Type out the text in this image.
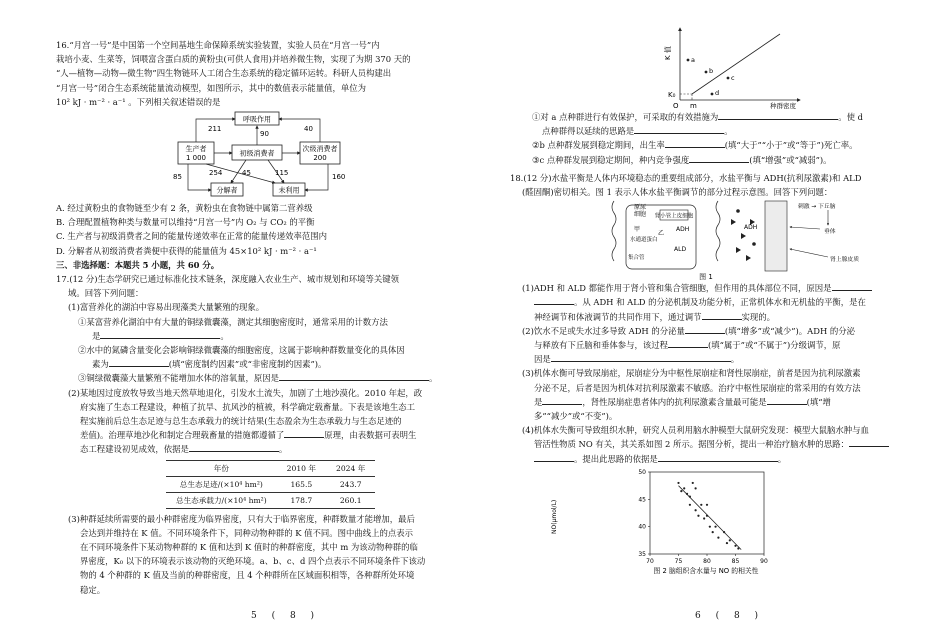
16.“月宫一号”是中国第一个空间基地生命保障系统实验装置，实验人员在“月宫一号”内

栽培小麦、生菜等，饲喂富含蛋白质的黄粉虫(可供人食用)并培养微生物，实现了为期 370 天的

“人—植物—动物—微生物”四生物链环人工闭合生态系统的稳定循环运转。科研人员构建出

“月宫一号”闭合生态系统能量流动模型，如图所示，其中的数值表示能量值，单位为

10² kJ · m⁻² · a⁻¹ 。下列相关叙述错误的是

呼吸作用
生产者
1 000
初级消费者
次级消费者
200
分解者	未利用
211
90
40
254	45	115
85	160

A. 经过黄粉虫的食物链至少有 2 条，黄粉虫在食物链中属第二营养级

B. 合理配置植物种类与数量可以维持“月宫一号”内 O₂ 与 CO₂ 的平衡

C. 生产者与初级消费者之间的能量传递效率在正常的能量传递效率范围内

D. 分解者从初级消费者粪便中获得的能量值为 45×10² kJ · m⁻² · a⁻¹

三、非选择题：本题共 5 小题，共 60 分。

17.(12 分)生态学研究已通过标准化技术链条，深度融入农业生产、城市规划和环境等关键领

域。回答下列问题：

(1)富营养化的湖泊中容易出现藻类大量繁殖的现象。

①某富营养化湖泊中有大量的铜绿微囊藻，测定其细胞密度时，通常采用的计数方法

是	。

②水中的氮磷含量变化会影响铜绿微囊藻的细胞密度，这属于影响种群数量变化的具体因

素为	(填“密度制约因素”或“非密度制约因素”)。

③铜绿微囊藻大量繁殖不能增加水体的溶氧量，原因是	。

(2)某地因过度放牧导致当地天然草地退化，引发水土流失，加剧了土地沙漠化。2010 年起，政

府实施了生态工程建设，种植了抗旱、抗风沙的植被，科学确定载畜量。下表是该地生态工

程实施前后总生态足迹与总生态承载力的统计结果(生态盈余为生态承载力与生态足迹的

差值)。治理草地沙化和制定合理载畜量的措施都遵循了	原理，由表数据可表明生

态工程建设初见成效，依据是	。

年份	2010 年	2024 年
总生态足迹/(×10⁴ hm²)	165.5	243.7
总生态承载力/(×10⁴ hm²)	178.7	260.1

(3)种群延续所需要的最小种群密度为临界密度，只有大于临界密度，种群数量才能增加，最后

会达到并维持在 K 值。不同环境条件下，同种动物种群的 K 值不同。图中曲线上的点表示

在不同环境条件下某动物种群的 K 值和达到 K 值时的种群密度，其中 m 为该动物种群的临

界密度，K₀ 以下的环境表示该动物的灭绝环境。a、b、c、d 四个点表示不同环境条件下该动

物的 4 个种群的 K 值及当前的种群密度，且 4 个种群所在区域面积相等，各种群所处环境

稳定。

5 ( 8 )
K 值
种群密度
K₀
O m
a
b
c
d

①对 a 点种群进行有效保护，可采取的有效措施为	。使 d

点种群得以延续的思路是	。

②b 点种群发展到稳定期间，出生率	(填“大于”“小于”或“等于”)死亡率。

③c 点种群发展到稳定期间，种内竞争强度	(填“增强”或“减弱”)。

18.(12 分)水盐平衡是人体内环境稳态的重要组成部分，水盐平衡与 ADH(抗利尿激素)和 ALD

(醛固酮)密切相关。图 1 表示人体水盐平衡调节的部分过程示意图。回答下列问题：

肾小管上皮细胞
原尿
细胞
甲
水通道蛋白
集合管
乙
ADH
ALD
ADH
刺激 → 下丘脑
垂体
肾上腺皮质
图 1

(1)ADH 和 ALD 都能作用于肾小管和集合管细胞，但作用的具体部位不同，原因是

。从 ADH 和 ALD 的分泌机制及功能分析，正常机体水和无机盐的平衡，是在

神经调节和体液调节的共同作用下，通过调节	实现的。

(2)饮水不足或失水过多导致 ADH 的分泌量	(填“增多”或“减少”)。ADH 的分泌

与释放有下丘脑和垂体参与，该过程	(填“属于”或“不属于”)分级调节，原

因是	。

(3)机体水衡可导致尿崩症，尿崩症分为中枢性尿崩症和肾性尿崩症，前者是因为抗利尿激素

分泌不足，后者是因为机体对抗利尿激素不敏感。治疗中枢性尿崩症的常采用的有效方法

是	，肾性尿崩症患者体内的抗利尿激素含量最可能是	(填“增

多”“减少”或“不变”)。

(4)机体水失衡可导致组织水肿，研究人员利用脑水肿模型大鼠研究发现：模型大鼠脑水肿与血

管活性物质 NO 有关，其关系如图 2 所示。据图分析，提出一种治疗脑水肿的思路：

。提出此思路的依据是	。

50
45
40
35
70	75	80	85	90
NO(μmol/L)
图 2 脑组织含水量与 NO 的相关性
6 ( 8 )
